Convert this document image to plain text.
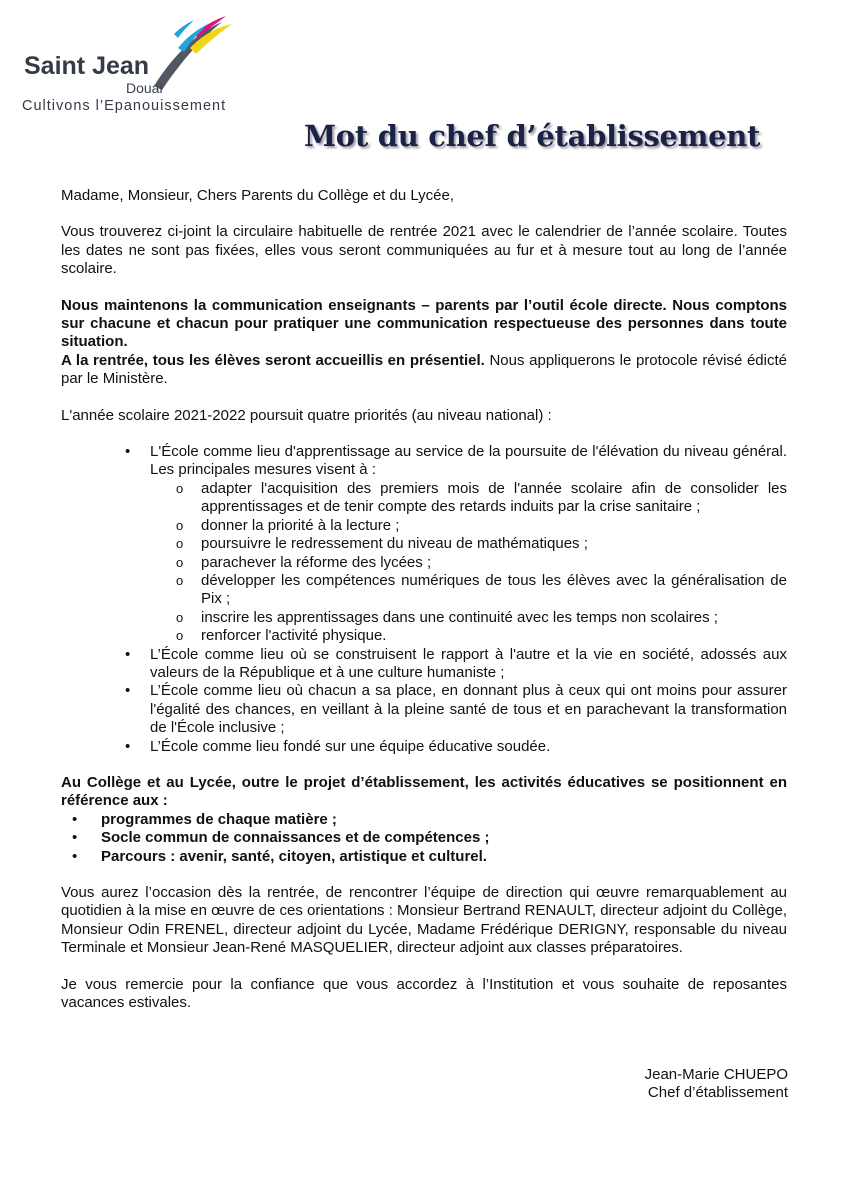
Saint Jean
Douai
Cultivons l’Epanouissement
Mot du chef d’établissement

Madame, Monsieur, Chers Parents du Collège et du Lycée,

Vous trouverez ci-joint la circulaire habituelle de rentrée 2021 avec le calendrier de l’année scolaire. Toutes les dates ne sont pas fixées, elles vous seront communiquées au fur et à mesure tout au long de l’année scolaire.

Nous maintenons la communication enseignants – parents par l’outil école directe. Nous comptons sur chacune et chacun pour pratiquer une communication respectueuse des personnes dans toute situation.

A la rentrée, tous les élèves seront accueillis en présentiel. Nous appliquerons le protocole révisé édicté par le Ministère.

L'année scolaire 2021-2022 poursuit quatre priorités (au niveau national) :

• L'École comme lieu d'apprentissage au service de la poursuite de l'élévation du niveau général. Les principales mesures visent à :
o adapter l'acquisition des premiers mois de l'année scolaire afin de consolider les apprentissages et de tenir compte des retards induits par la crise sanitaire ;
o donner la priorité à la lecture ;
o poursuivre le redressement du niveau de mathématiques ;
o parachever la réforme des lycées ;
o développer les compétences numériques de tous les élèves avec la généralisation de Pix ;
o inscrire les apprentissages dans une continuité avec les temps non scolaires ;
o renforcer l'activité physique.
• L’École comme lieu où se construisent le rapport à l'autre et la vie en société, adossés aux valeurs de la République et à une culture humaniste ;
• L’École comme lieu où chacun a sa place, en donnant plus à ceux qui ont moins pour assurer l'égalité des chances, en veillant à la pleine santé de tous et en parachevant la transformation de l'École inclusive ;
• L’École comme lieu fondé sur une équipe éducative soudée.

Au Collège et au Lycée, outre le projet d’établissement, les activités éducatives se positionnent en référence aux :

• programmes de chaque matière ;
• Socle commun de connaissances et de compétences ;
• Parcours : avenir, santé, citoyen, artistique et culturel.

Vous aurez l’occasion dès la rentrée, de rencontrer l’équipe de direction qui œuvre remarquablement au quotidien à la mise en œuvre de ces orientations : Monsieur Bertrand RENAULT, directeur adjoint du Collège, Monsieur Odin FRENEL, directeur adjoint du Lycée, Madame Frédérique DERIGNY, responsable du niveau Terminale et Monsieur Jean-René MASQUELIER, directeur adjoint aux classes préparatoires.

Je vous remercie pour la confiance que vous accordez à l’Institution et vous souhaite de reposantes vacances estivales.

Jean-Marie CHUEPO
Chef d’établissement
